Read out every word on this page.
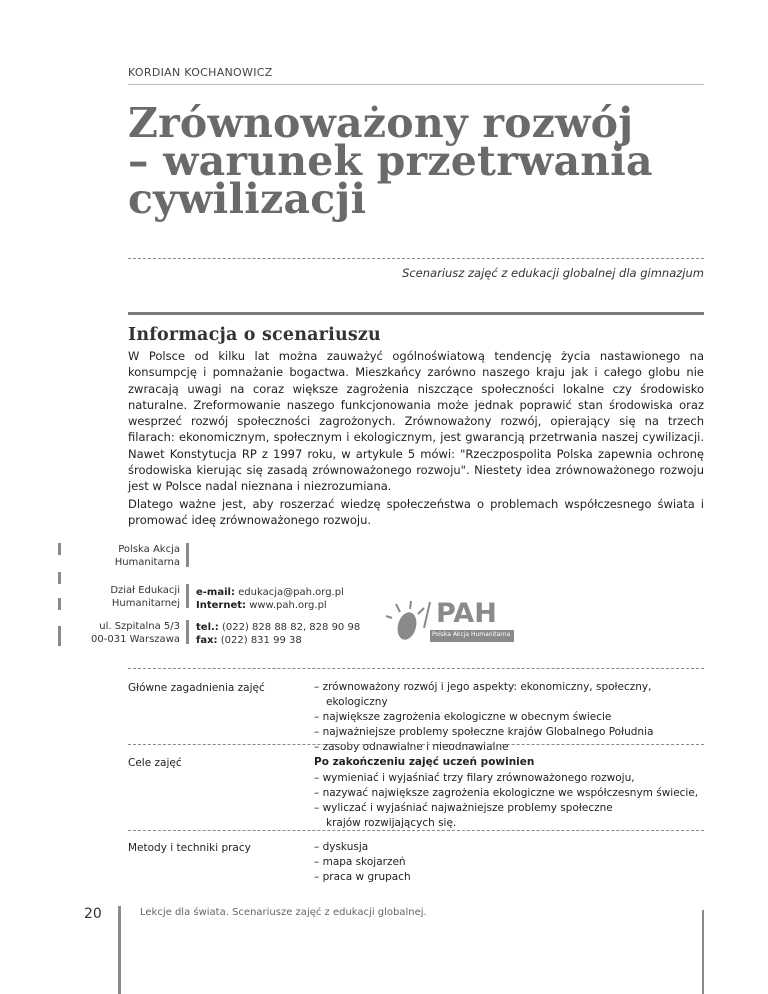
KORDIAN KOCHANOWICZ
Zrównoważony rozwój
– warunek przetrwania
cywilizacji
Scenariusz zajęć z edukacji globalnej dla gimnazjum
Informacja o scenariuszu
W Polsce od kilku lat można zauważyć ogólnoświatową tendencję życia nastawionego na konsumpcję i pomnażanie bogactwa. Mieszkańcy zarówno naszego kraju jak i całego globu nie zwracają uwagi na coraz większe zagrożenia niszczące społeczności lokalne czy środowisko naturalne. Zreformowanie naszego funkcjonowania może jednak poprawić stan środowiska oraz wesprzeć rozwój społeczności zagrożonych. Zrównoważony rozwój, opierający się na trzech filarach: ekonomicznym, społecznym i ekologicznym, jest gwarancją przetrwania naszej cywilizacji. Nawet Konstytucja RP z 1997 roku, w artykule 5 mówi: "Rzeczpospolita Polska zapewnia ochronę środowiska kierując się zasadą zrównoważonego rozwoju". Niestety idea zrównoważonego rozwoju jest w Polsce nadal nieznana i niezrozumiana.
Dlatego ważne jest, aby roszerzać wiedzę społeczeństwa o problemach współczesnego świata i promować ideę zrównoważonego rozwoju.
Polska Akcja
Humanitarna
Dział Edukacji
Humanitarnej
ul. Szpitalna 5/3
00-031 Warszawa
e-mail: edukacja@pah.org.pl
Internet: www.pah.org.pl
tel.: (022) 828 88 82, 828 90 98
fax: (022) 831 99 38
PAH
Polska Akcja Humanitarna
Główne zagadnienia zajęć	– zrównoważony rozwój i jego aspekty: ekonomiczny, społeczny, ekologiczny
– największe zagrożenia ekologiczne w obecnym świecie
– najważniejsze problemy społeczne krajów Globalnego Południa
– zasoby odnawialne i nieodnawialne
Cele zajęć	Po zakończeniu zajęć uczeń powinien
– wymieniać i wyjaśniać trzy filary zrównoważonego rozwoju,
– nazywać największe zagrożenia ekologiczne we współczesnym świecie,
– wyliczać i wyjaśniać najważniejsze problemy społeczne krajów rozwijających się.
Metody i techniki pracy	– dyskusja
– mapa skojarzeń
– praca w grupach
20	Lekcje dla świata. Scenariusze zajęć z edukacji globalnej.
